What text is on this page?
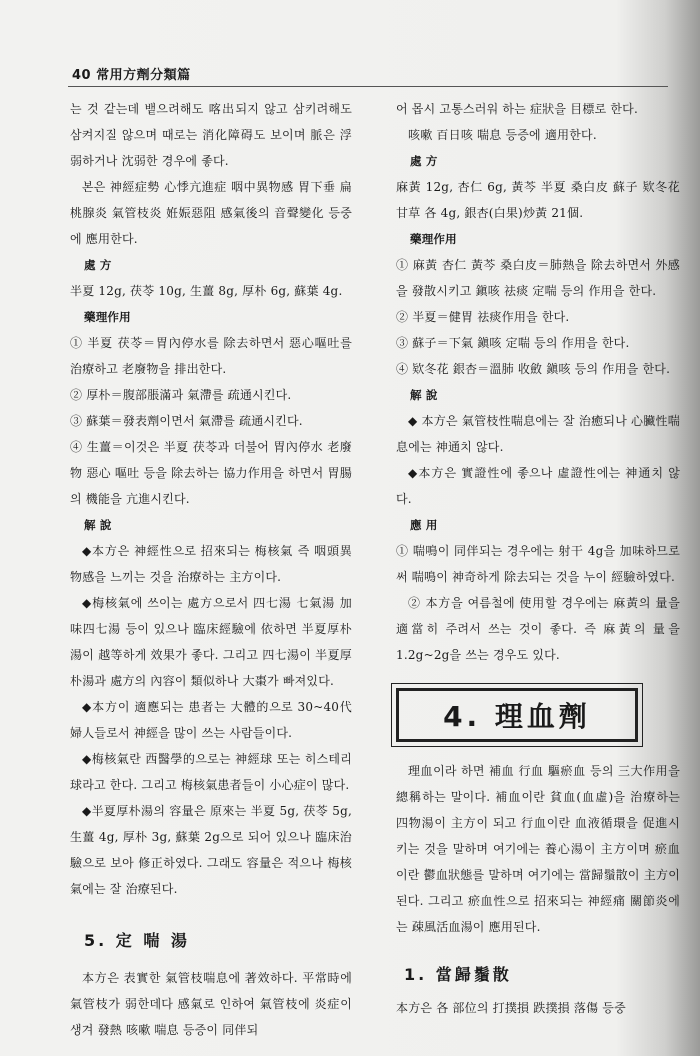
40 常用方劑分類篇

는 것 같는데 뱉으려해도 喀出되지 않고 삼키려해도 삼켜지질 않으며 때로는 消化障碍도 보이며 脈은 浮弱하거나 沈弱한 경우에 좋다.

본은 神經症勢 心悸亢進症 咽中異物感 胃下垂 扁桃腺炎 氣管枝炎 姙娠惡阻 感氣後의 音聲變化 등중에 應用한다.

處 方

半夏 12g, 茯苓 10g, 生薑 8g, 厚朴 6g, 蘇葉 4g.

藥理作用

① 半夏 茯苓＝胃內停水를 除去하면서 惡心嘔吐를 治療하고 老廢物을 排出한다.

② 厚朴＝腹部脹滿과 氣滯를 疏通시킨다.

③ 蘇葉＝發表劑이면서 氣滯를 疏通시킨다.

④ 生薑＝이것은 半夏 茯苓과 더불어 胃內停水 老廢物 惡心 嘔吐 등을 除去하는 協力作用을 하면서 胃腸의 機能을 亢進시킨다.

解 說

◆本方은 神經性으로 招來되는 梅核氣 즉 咽頭異物感을 느끼는 것을 治療하는 主方이다.

◆梅核氣에 쓰이는 處方으로서 四七湯 七氣湯 加味四七湯 등이 있으나 臨床經驗에 依하면 半夏厚朴湯이 越等하게 效果가 좋다. 그리고 四七湯이 半夏厚朴湯과 處方의 內容이 類似하나 大棗가 빠져있다.

◆本方이 適應되는 患者는 大體的으로 30~40代 婦人들로서 神經을 많이 쓰는 사람들이다.

◆梅核氣란 西醫學的으로는 神經球 또는 히스테리球라고 한다. 그리고 梅核氣患者들이 小心症이 많다.

◆半夏厚朴湯의 容量은 原來는 半夏 5g, 茯苓 5g, 生薑 4g, 厚朴 3g, 蘇葉 2g으로 되어 있으나 臨床治驗으로 보아 修正하였다. 그래도 容量은 적으나 梅核氣에는 잘 治療된다.

5. 定 喘 湯

本方은 表實한 氣管枝喘息에 著效하다. 平常時에 氣管枝가 弱한데다 感氣로 인하여 氣管枝에 炎症이 생겨 發熱 咳嗽 喘息 등증이 同伴되

어 몹시 고통스러워 하는 症狀을 目標로 한다.

咳嗽 百日咳 喘息 등증에 適用한다.

處 方

麻黃 12g, 杏仁 6g, 黃芩 半夏 桑白皮 蘇子 欵冬花 甘草 各 4g, 銀杏(白果)炒黃 21個.

藥理作用

① 麻黃 杏仁 黃芩 桑白皮＝肺熱을 除去하면서 外感을 發散시키고 鎭咳 祛痰 定喘 등의 作用을 한다.

② 半夏＝健胃 祛痰作用을 한다.

③ 蘇子＝下氣 鎭咳 定喘 등의 作用을 한다.

④ 欵冬花 銀杏＝溫肺 收斂 鎭咳 등의 作用을 한다.

解 說

◆ 本方은 氣管枝性喘息에는 잘 治癒되나 心臟性喘息에는 神通치 않다.

◆本方은 實證性에 좋으나 虛證性에는 神通치 않다.

應 用

① 喘鳴이 同伴되는 경우에는 射干 4g을 加味하므로써 喘鳴이 神奇하게 除去되는 것을 누이 經驗하였다.

② 本方을 여름철에 使用할 경우에는 麻黃의 量을 適當히 주려서 쓰는 것이 좋다. 즉 麻黃의 量을 1.2g~2g을 쓰는 경우도 있다.

4. 理血劑

理血이라 하면 補血 行血 驅瘀血 등의 三大作用을 總稱하는 말이다. 補血이란 貧血(血虛)을 治療하는 四物湯이 主方이 되고 行血이란 血液循環을 促進시키는 것을 말하며 여기에는 養心湯이 主方이며 瘀血이란 鬱血狀態를 말하며 여기에는 當歸鬚散이 主方이 된다. 그리고 瘀血性으로 招來되는 神經痛 關節炎에는 疎風活血湯이 應用된다.

1. 當歸鬚散

本方은 各 部位의 打撲損 跌撲損 落傷 등중
